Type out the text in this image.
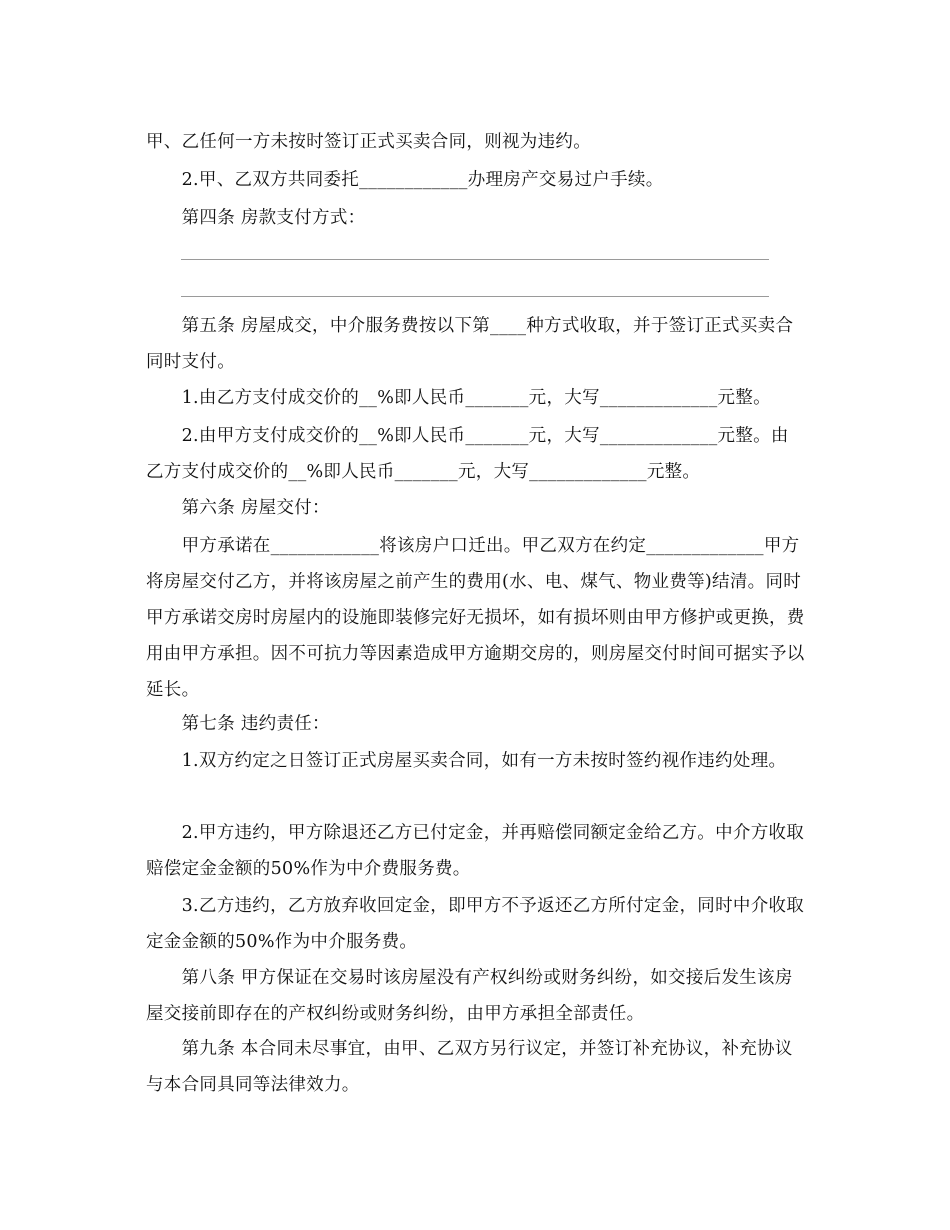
甲、乙任何一方未按时签订正式买卖合同，则视为违约。

　　2.甲、乙双方共同委托____________办理房产交易过户手续。

　　第四条 房款支付方式：

　　第五条 房屋成交，中介服务费按以下第____种方式收取，并于签订正式买卖合同时支付。

　　1.由乙方支付成交价的__%即人民币_______元，大写_____________元整。

　　2.由甲方支付成交价的__%即人民币_______元，大写_____________元整。由乙方支付成交价的__%即人民币_______元，大写_____________元整。

　　第六条 房屋交付：

　　甲方承诺在____________将该房户口迁出。甲乙双方在约定_____________甲方将房屋交付乙方，并将该房屋之前产生的费用(水、电、煤气、物业费等)结清。同时甲方承诺交房时房屋内的设施即装修完好无损坏，如有损坏则由甲方修护或更换，费用由甲方承担。因不可抗力等因素造成甲方逾期交房的，则房屋交付时间可据实予以延长。

　　第七条 违约责任：

　　1.双方约定之日签订正式房屋买卖合同，如有一方未按时签约视作违约处理。

　　2.甲方违约，甲方除退还乙方已付定金，并再赔偿同额定金给乙方。中介方收取赔偿定金金额的50%作为中介费服务费。

　　3.乙方违约，乙方放弃收回定金，即甲方不予返还乙方所付定金，同时中介收取定金金额的50%作为中介服务费。

　　第八条 甲方保证在交易时该房屋没有产权纠纷或财务纠纷，如交接后发生该房屋交接前即存在的产权纠纷或财务纠纷，由甲方承担全部责任。

　　第九条 本合同未尽事宜，由甲、乙双方另行议定，并签订补充协议，补充协议与本合同具同等法律效力。
